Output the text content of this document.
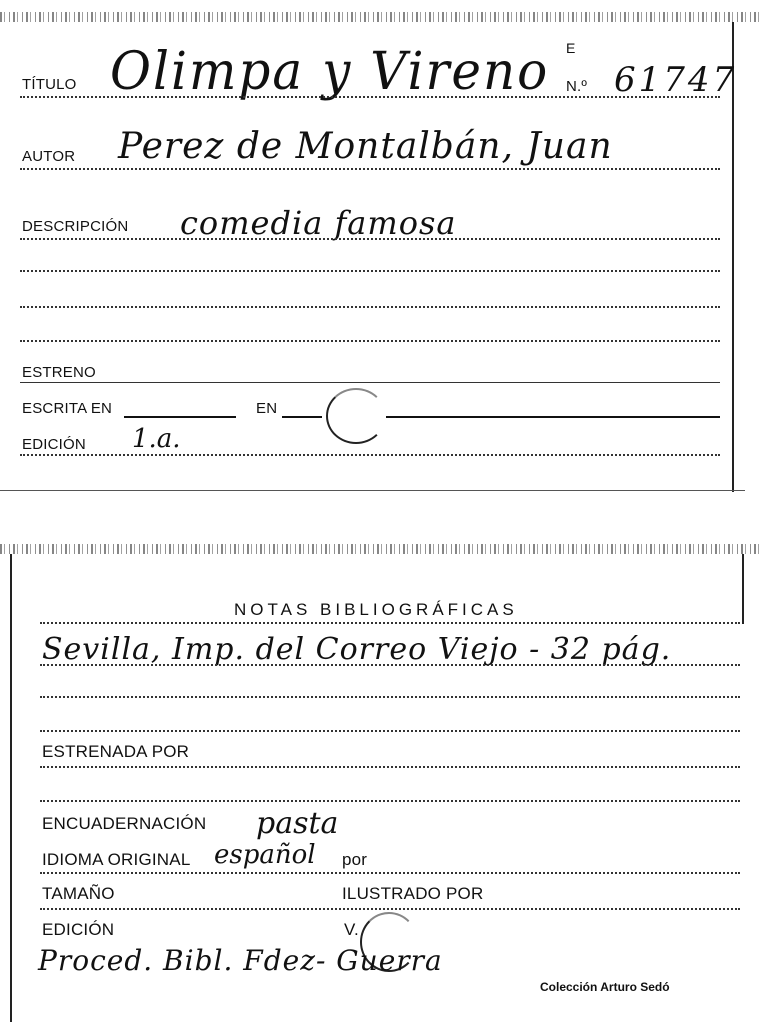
TÍTULO Olimpa y Vireno E
N.º 61747
AUTOR Perez de Montalbán, Juan
DESCRIPCIÓN comedia famosa
ESTRENO
ESCRITA EN	EN
EDICIÓN 1.a.
NOTAS BIBLIOGRÁFICAS
Sevilla, Imp. del Correo Viejo - 32 pág.
ESTRENADA POR
ENCUADERNACIÓN pasta
IDIOMA ORIGINAL español por
TAMAÑO	ILUSTRADO POR
EDICIÓN	V.
Proced. Bibl. Fdez- Guerra
Colección Arturo Sedó
